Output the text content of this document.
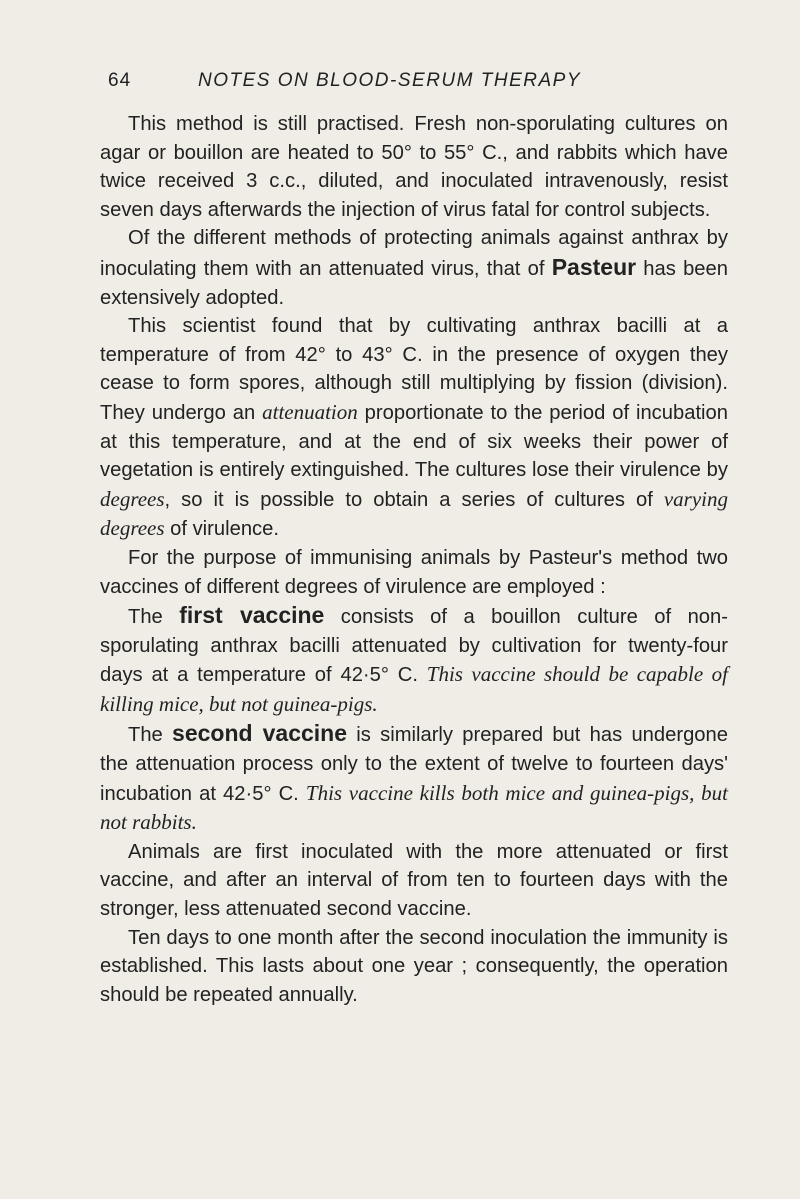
64	NOTES ON BLOOD-SERUM THERAPY

This method is still practised. Fresh non-sporulating cultures on agar or bouillon are heated to 50° to 55° C., and rabbits which have twice received 3 c.c., diluted, and inoculated intravenously, resist seven days afterwards the injection of virus fatal for control subjects.

Of the different methods of protecting animals against anthrax by inoculating them with an attenuated virus, that of Pasteur has been extensively adopted.

This scientist found that by cultivating anthrax bacilli at a temperature of from 42° to 43° C. in the presence of oxygen they cease to form spores, although still multiplying by fission (division). They undergo an attenuation proportionate to the period of incubation at this temperature, and at the end of six weeks their power of vegetation is entirely extinguished. The cultures lose their virulence by degrees, so it is possible to obtain a series of cultures of varying degrees of virulence.

For the purpose of immunising animals by Pasteur's method two vaccines of different degrees of virulence are employed :

The first vaccine consists of a bouillon culture of non-sporulating anthrax bacilli attenuated by cultivation for twenty-four days at a temperature of 42·5° C. This vaccine should be capable of killing mice, but not guinea-pigs.

The second vaccine is similarly prepared but has undergone the attenuation process only to the extent of twelve to fourteen days' incubation at 42·5° C. This vaccine kills both mice and guinea-pigs, but not rabbits.

Animals are first inoculated with the more attenuated or first vaccine, and after an interval of from ten to fourteen days with the stronger, less attenuated second vaccine.

Ten days to one month after the second inoculation the immunity is established. This lasts about one year ; consequently, the operation should be repeated annually.
